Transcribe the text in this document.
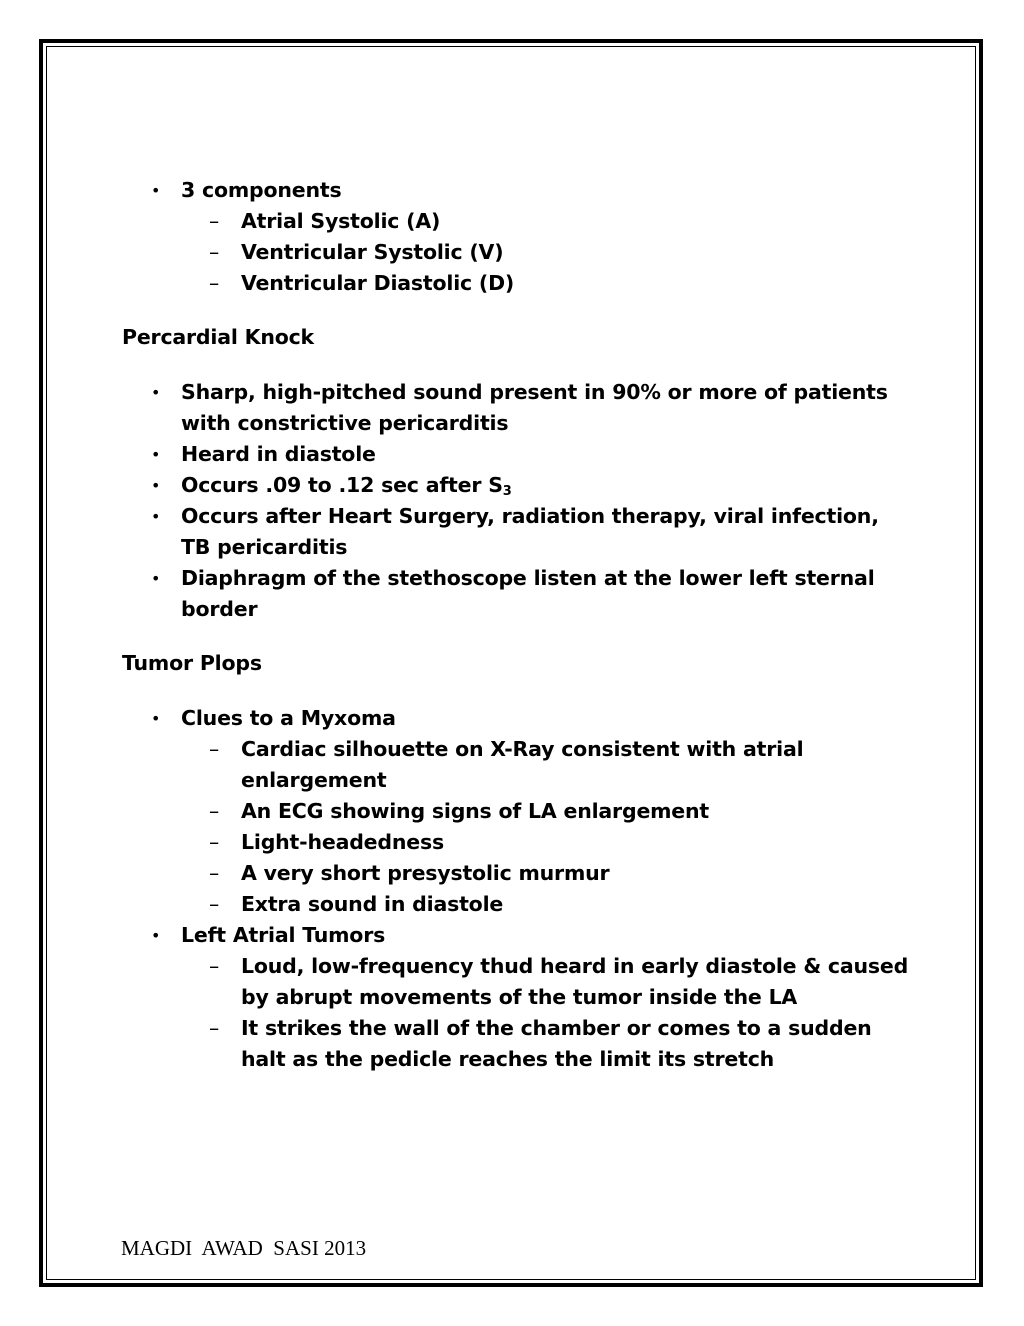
• 3 components
– Atrial Systolic (A)
– Ventricular Systolic (V)
– Ventricular Diastolic (D)

Percardial Knock

• Sharp, high-pitched sound present in 90% or more of patients with constrictive pericarditis
• Heard in diastole
• Occurs .09 to .12 sec after $S_3$
• Occurs after Heart Surgery, radiation therapy, viral infection, TB pericarditis
• Diaphragm of the stethoscope listen at the lower left sternal border

Tumor Plops

• Clues to a Myxoma
– Cardiac silhouette on X-Ray consistent with atrial enlargement
– An ECG showing signs of LA enlargement
– Light-headedness
– A very short presystolic murmur
– Extra sound in diastole
• Left Atrial Tumors
– Loud, low-frequency thud heard in early diastole & caused by abrupt movements of the tumor inside the LA
– It strikes the wall of the chamber or comes to a sudden halt as the pedicle reaches the limit its stretch
MAGDI  AWAD  SASI 2013
